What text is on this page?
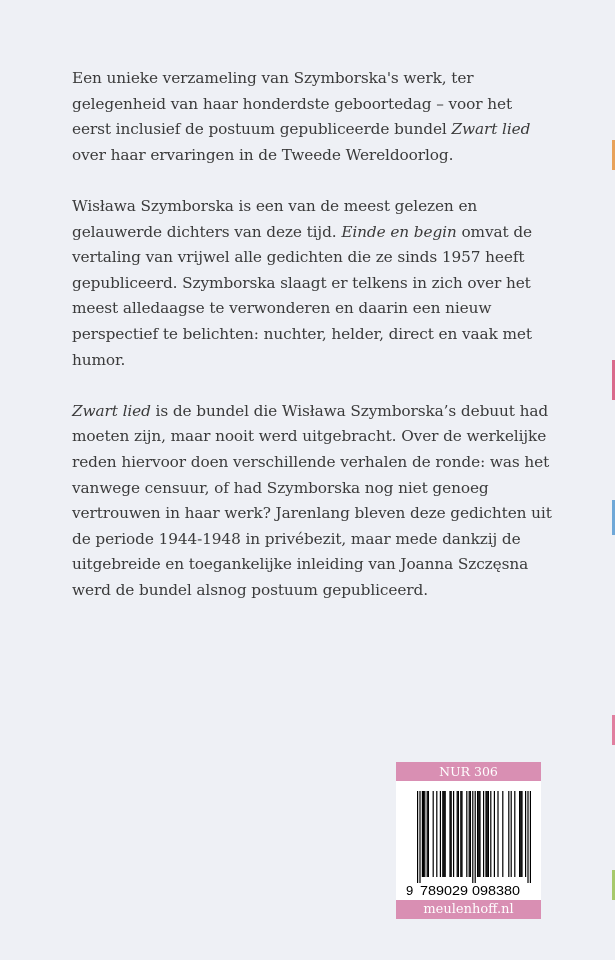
Een unieke verzameling van Szymborska's werk, ter gelegenheid van haar honderdste geboortedag – voor het eerst inclusief de postuum gepubliceerde bundel Zwart lied over haar ervaringen in de Tweede Wereldoorlog.

Wisława Szymborska is een van de meest gelezen en gelauwerde dichters van deze tijd. Einde en begin omvat de vertaling van vrijwel alle gedichten die ze sinds 1957 heeft gepubliceerd. Szymborska slaagt er telkens in zich over het meest alledaagse te verwonderen en daarin een nieuw perspectief te belichten: nuchter, helder, direct en vaak met humor.

Zwart lied is de bundel die Wisława Szymborska’s debuut had moeten zijn, maar nooit werd uitgebracht. Over de werkelijke reden hiervoor doen verschillende verhalen de ronde: was het vanwege censuur, of had Szymborska nog niet genoeg vertrouwen in haar werk? Jarenlang bleven deze gedichten uit de periode 1944-1948 in privébezit, maar mede dankzij de uitgebreide en toegankelijke inleiding van Joanna Szczęsna werd de bundel alsnog postuum gepubliceerd.

NUR 306
9 789029 098380
meulenhoff.nl
